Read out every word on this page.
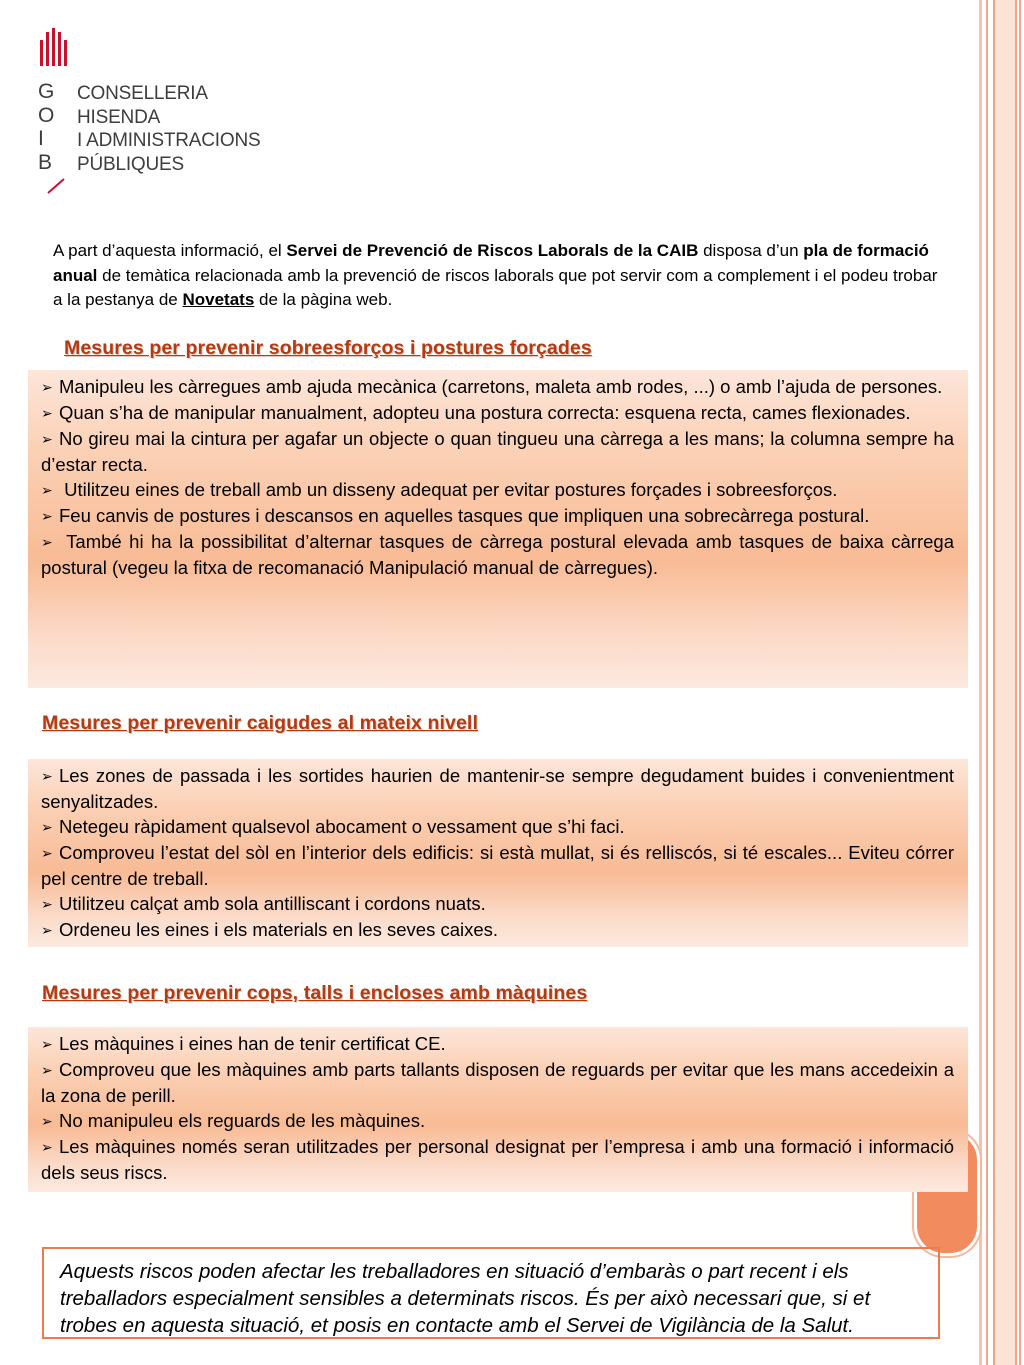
G
O
I
B
CONSELLERIA
HISENDA
I ADMINISTRACIONS
PÚBLIQUES
A part d’aquesta informació, el Servei de Prevenció de Riscos Laborals de la CAIB disposa d’un pla de formació anual de temàtica relacionada amb la prevenció de riscos laborals que pot servir com a complement i el podeu trobar a la pestanya de Novetats de la pàgina web.
Mesures per prevenir sobreesforços i postures forçades
➢ Manipuleu les càrregues amb ajuda mecànica (carretons, maleta amb rodes, ...) o amb l’ajuda de persones.
➢ Quan s’ha de manipular manualment, adopteu una postura correcta: esquena recta, cames flexionades.
➢ No gireu mai la cintura per agafar un objecte o quan tingueu una càrrega a les mans; la columna sempre ha d’estar recta.
➢ Utilitzeu eines de treball amb un disseny adequat per evitar postures forçades i sobreesforços.
➢ Feu canvis de postures i descansos en aquelles tasques que impliquen una sobrecàrrega postural.
➢ També hi ha la possibilitat d’alternar tasques de càrrega postural elevada amb tasques de baixa càrrega postural (vegeu la fitxa de recomanació Manipulació manual de càrregues).
Mesures per prevenir caigudes al mateix nivell
➢ Les zones de passada i les sortides haurien de mantenir-se sempre degudament buides i convenientment senyalitzades.
➢ Netegeu ràpidament qualsevol abocament o vessament que s’hi faci.
➢ Comproveu l’estat del sòl en l’interior dels edificis: si està mullat, si és relliscós, si té escales... Eviteu córrer pel centre de treball.
➢ Utilitzeu calçat amb sola antilliscant i cordons nuats.
➢ Ordeneu les eines i els materials en les seves caixes.
Mesures per prevenir cops, talls i encloses amb màquines
➢ Les màquines i eines han de tenir certificat CE.
➢ Comproveu que les màquines amb parts tallants disposen de reguards per evitar que les mans accedeixin a la zona de perill.
➢ No manipuleu els reguards de les màquines.
➢ Les màquines només seran utilitzades per personal designat per l’empresa i amb una formació i informació dels seus riscs.
Aquests riscos poden afectar les treballadores en situació d’embaràs o part recent i els treballadors especialment sensibles a determinats riscos. És per això necessari que, si et trobes en aquesta situació, et posis en contacte amb el Servei de Vigilància de la Salut.
